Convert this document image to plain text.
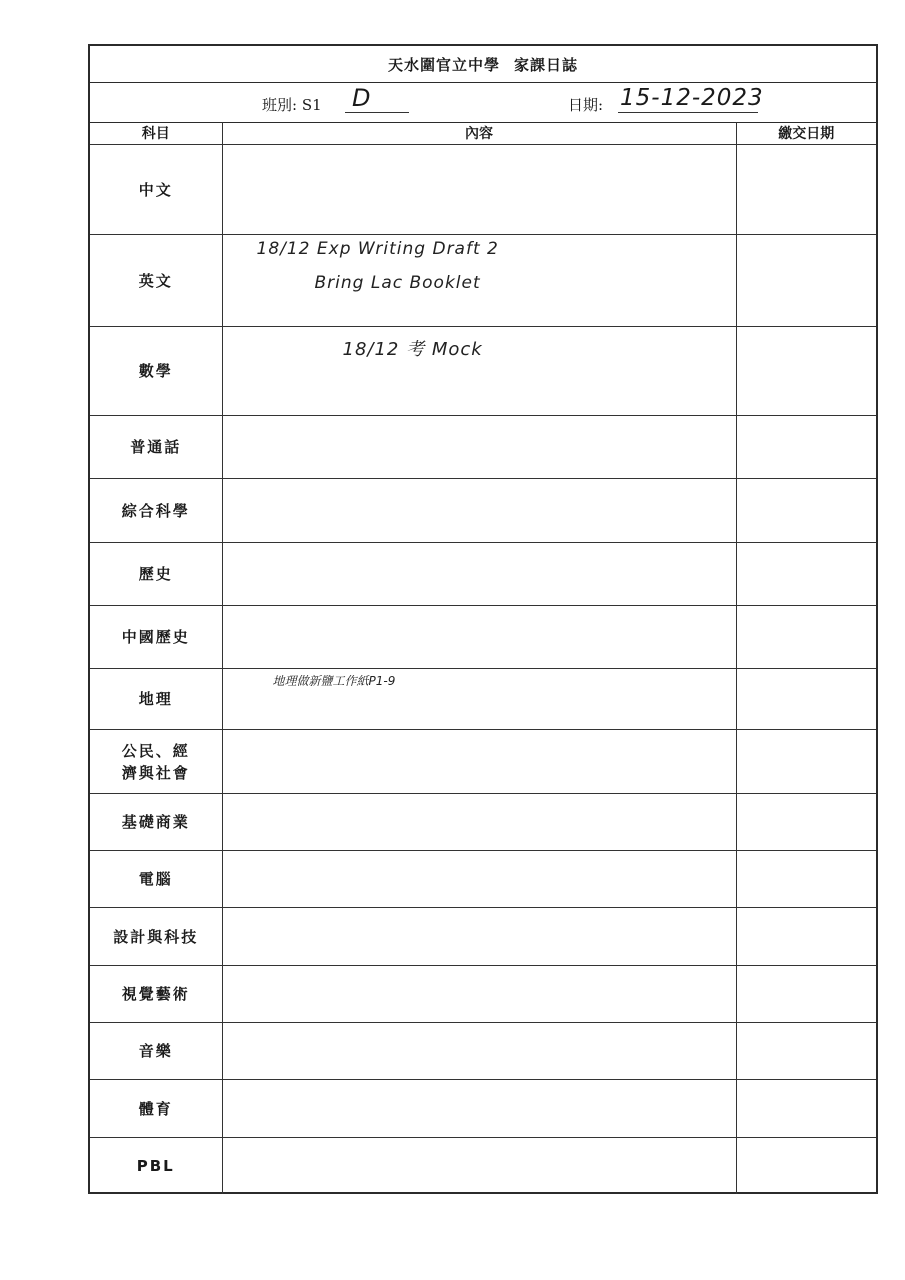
天水圍官立中學 家課日誌
班別: S1 D	日期: 15-12-2023
科目	內容	繳交日期
中文		
英文	18/12 Exp Writing Draft 2
Bring Lac Booklet	

數學	18/12 考 Mock	

普通話		
綜合科學		
歷史		
中國歷史		
地理	地理做新鹽工作紙P1-9	

公民、經濟與社會		
基礎商業		
電腦		
設計與科技		
視覺藝術		
音樂		
體育		
PBL		
